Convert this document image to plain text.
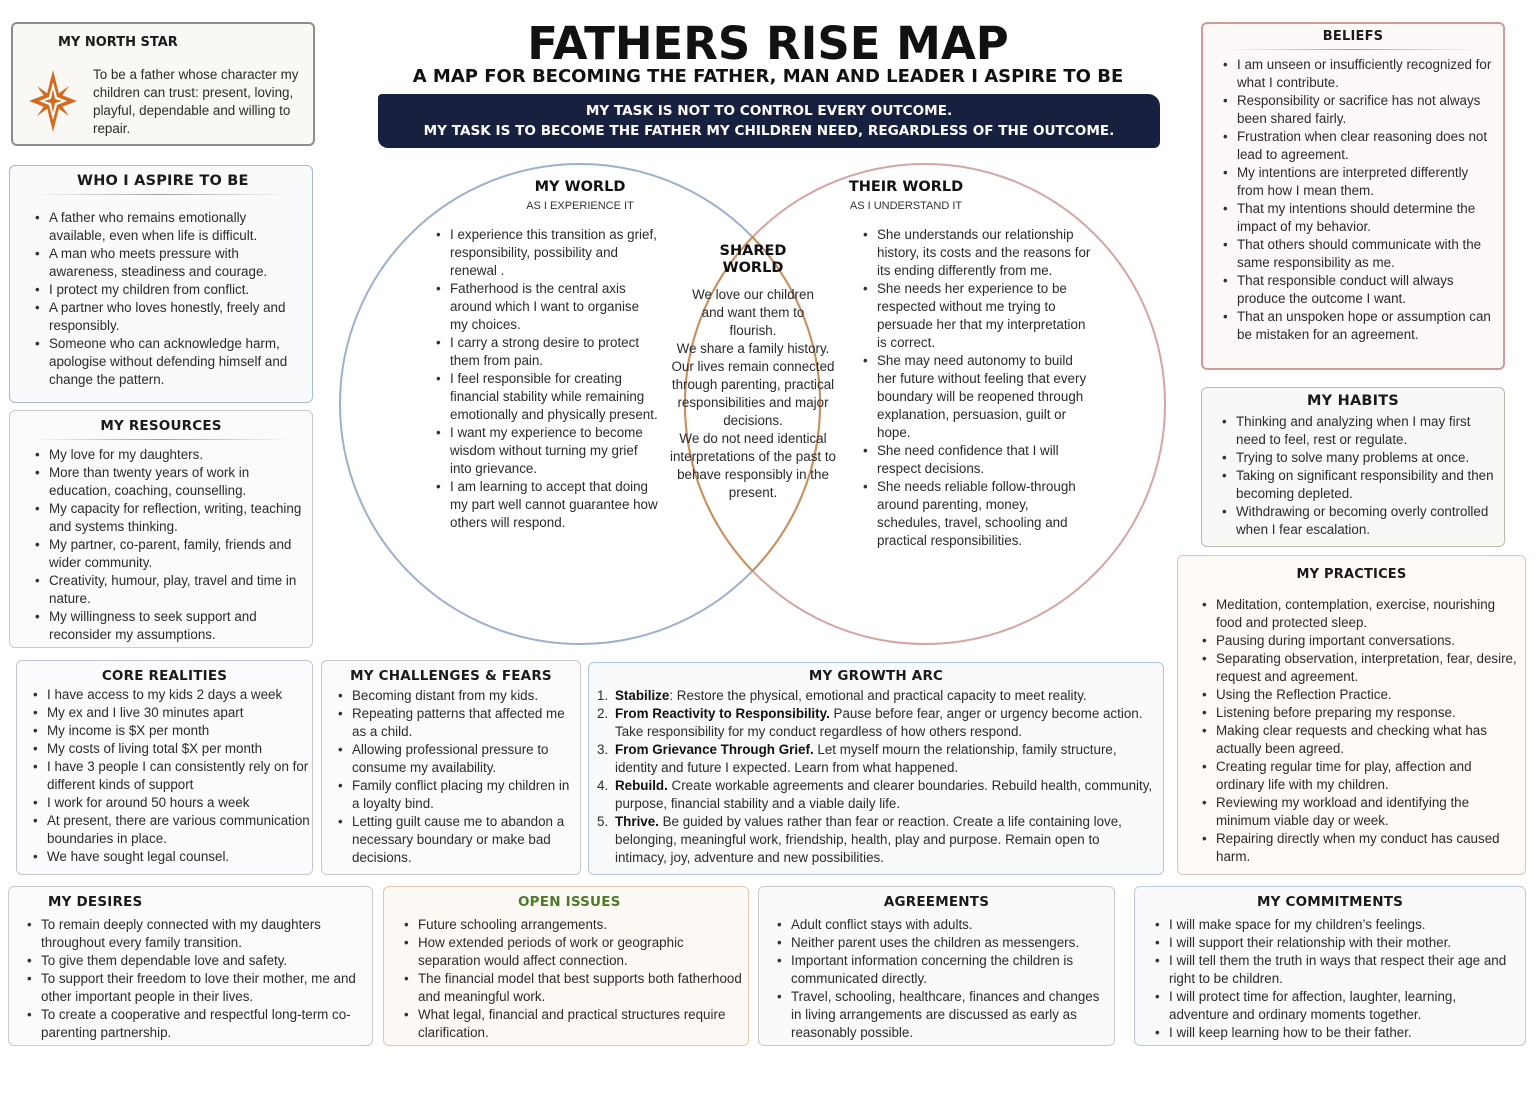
FATHERS RISE MAP
A MAP FOR BECOMING THE FATHER, MAN AND LEADER I ASPIRE TO BE
MY TASK IS NOT TO CONTROL EVERY OUTCOME.
MY TASK IS TO BECOME THE FATHER MY CHILDREN NEED, REGARDLESS OF THE OUTCOME.
MY NORTH STAR
To be a father whose character my children can trust: present, loving, playful, dependable and willing to repair.
WHO I ASPIRE TO BE
• A father who remains emotionally available, even when life is difficult.
• A man who meets pressure with awareness, steadiness and courage.
• I protect my children from conflict.
• A partner who loves honestly, freely and responsibly.
• Someone who can acknowledge harm, apologise without defending himself and change the pattern.
MY RESOURCES
• My love for my daughters.
• More than twenty years of work in education, coaching, counselling.
• My capacity for reflection, writing, teaching and systems thinking.
• My partner, co-parent, family, friends and wider community.
• Creativity, humour, play, travel and time in nature.
• My willingness to seek support and reconsider my assumptions.
BELIEFS
• I am unseen or insufficiently recognized for what I contribute.
• Responsibility or sacrifice has not always been shared fairly.
• Frustration when clear reasoning does not lead to agreement.
• My intentions are interpreted differently from how I mean them.
• That my intentions should determine the impact of my behavior.
• That others should communicate with the same responsibility as me.
• That responsible conduct will always produce the outcome I want.
• That an unspoken hope or assumption can be mistaken for an agreement.
MY HABITS
• Thinking and analyzing when I may first need to feel, rest or regulate.
• Trying to solve many problems at once.
• Taking on significant responsibility and then becoming depleted.
• Withdrawing or becoming overly controlled when I fear escalation.
MY PRACTICES
• Meditation, contemplation, exercise, nourishing food and protected sleep.
• Pausing during important conversations.
• Separating observation, interpretation, fear, desire, request and agreement.
• Using the Reflection Practice.
• Listening before preparing my response.
• Making clear requests and checking what has actually been agreed.
• Creating regular time for play, affection and ordinary life with my children.
• Reviewing my workload and identifying the minimum viable day or week.
• Repairing directly when my conduct has caused harm.
MY WORLD
AS I EXPERIENCE IT
• I experience this transition as grief, responsibility, possibility and renewal .
• Fatherhood is the central axis around which I want to organise my choices.
• I carry a strong desire to protect them from pain.
• I feel responsible for creating financial stability while remaining emotionally and physically present.
• I want my experience to become wisdom without turning my grief into grievance.
• I am learning to accept that doing my part well cannot guarantee how others will respond.
SHARED
WORLD
We love our children and want them to flourish.
We share a family history. Our lives remain connected through parenting, practical responsibilities and major decisions.
We do not need identical interpretations of the past to behave responsibly in the present.
THEIR WORLD
AS I UNDERSTAND IT
• She understands our relationship history, its costs and the reasons for its ending differently from me.
• She needs her experience to be respected without me trying to persuade her that my interpretation is correct.
• She may need autonomy to build her future without feeling that every boundary will be reopened through explanation, persuasion, guilt or hope.
• She need confidence that I will respect decisions.
• She needs reliable follow-through around parenting, money, schedules, travel, schooling and practical responsibilities.
CORE REALITIES
• I have access to my kids 2 days a week
• My ex and I live 30 minutes apart
• My income is $X per month
• My costs of living total $X per month
• I have 3 people I can consistently rely on for different kinds of support
• I work for around 50 hours a week
• At present, there are various communication boundaries in place.
• We have sought legal counsel.
MY CHALLENGES & FEARS
• Becoming distant from my kids.
• Repeating patterns that affected me as a child.
• Allowing professional pressure to consume my availability.
• Family conflict placing my children in a loyalty bind.
• Letting guilt cause me to abandon a necessary boundary or make bad decisions.
MY GROWTH ARC
1. Stabilize: Restore the physical, emotional and practical capacity to meet reality.
2. From Reactivity to Responsibility. Pause before fear, anger or urgency become action. Take responsibility for my conduct regardless of how others respond.
3. From Grievance Through Grief. Let myself mourn the relationship, family structure, identity and future I expected. Learn from what happened.
4. Rebuild. Create workable agreements and clearer boundaries. Rebuild health, community, purpose, financial stability and a viable daily life.
5. Thrive. Be guided by values rather than fear or reaction. Create a life containing love, belonging, meaningful work, friendship, health, play and purpose. Remain open to intimacy, joy, adventure and new possibilities.
MY DESIRES
• To remain deeply connected with my daughters throughout every family transition.
• To give them dependable love and safety.
• To support their freedom to love their mother, me and other important people in their lives.
• To create a cooperative and respectful long-term co-parenting partnership.
OPEN ISSUES
• Future schooling arrangements.
• How extended periods of work or geographic separation would affect connection.
• The financial model that best supports both fatherhood and meaningful work.
• What legal, financial and practical structures require clarification.
AGREEMENTS
• Adult conflict stays with adults.
• Neither parent uses the children as messengers.
• Important information concerning the children is communicated directly.
• Travel, schooling, healthcare, finances and changes in living arrangements are discussed as early as reasonably possible.
MY COMMITMENTS
• I will make space for my children’s feelings.
• I will support their relationship with their mother.
• I will tell them the truth in ways that respect their age and right to be children.
• I will protect time for affection, laughter, learning, adventure and ordinary moments together.
• I will keep learning how to be their father.
